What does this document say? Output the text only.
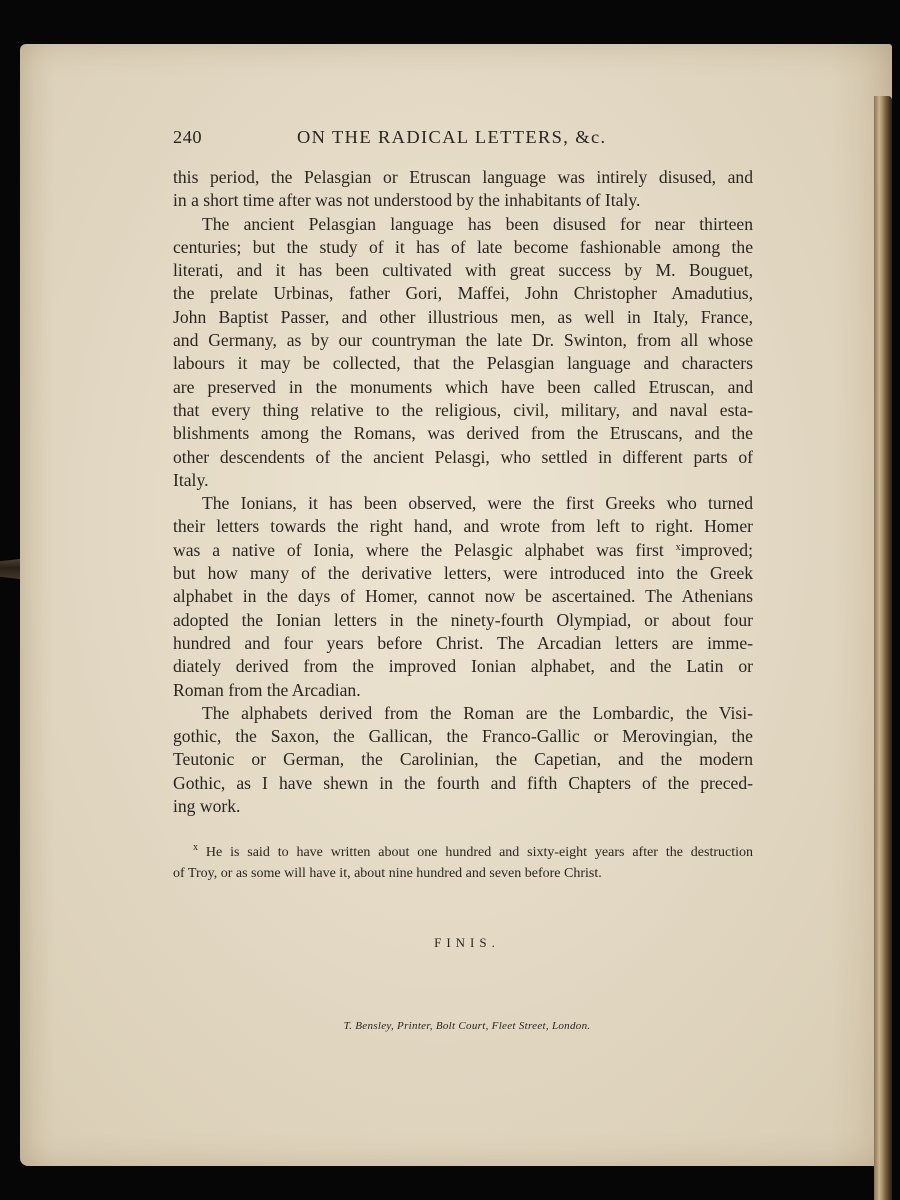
240	ON THE RADICAL LETTERS, &c.

this period, the Pelasgian or Etruscan language was intirely disused, and
in a short time after was not understood by the inhabitants of Italy.

The ancient Pelasgian language has been disused for near thirteen
centuries; but the study of it has of late become fashionable among the
literati, and it has been cultivated with great success by M. Bouguet,
the prelate Urbinas, father Gori, Maffei, John Christopher Amadutius,
John Baptist Passer, and other illustrious men, as well in Italy, France,
and Germany, as by our countryman the late Dr. Swinton, from all whose
labours it may be collected, that the Pelasgian language and characters
are preserved in the monuments which have been called Etruscan, and
that every thing relative to the religious, civil, military, and naval esta-
blishments among the Romans, was derived from the Etruscans, and the
other descendents of the ancient Pelasgi, who settled in different parts of
Italy.

The Ionians, it has been observed, were the first Greeks who turned
their letters towards the right hand, and wrote from left to right. Homer
was a native of Ionia, where the Pelasgic alphabet was first $^x$improved;
but how many of the derivative letters, were introduced into the Greek
alphabet in the days of Homer, cannot now be ascertained. The Athenians
adopted the Ionian letters in the ninety-fourth Olympiad, or about four
hundred and four years before Christ. The Arcadian letters are imme-
diately derived from the improved Ionian alphabet, and the Latin or
Roman from the Arcadian.

The alphabets derived from the Roman are the Lombardic, the Visi-
gothic, the Saxon, the Gallican, the Franco-Gallic or Merovingian, the
Teutonic or German, the Carolinian, the Capetian, and the modern
Gothic, as I have shewn in the fourth and fifth Chapters of the preced-
ing work.

$^x$ He is said to have written about one hundred and sixty-eight years after the destruction
of Troy, or as some will have it, about nine hundred and seven before Christ.
FINIS.
T. Bensley, Printer, Bolt Court, Fleet Street, London.
